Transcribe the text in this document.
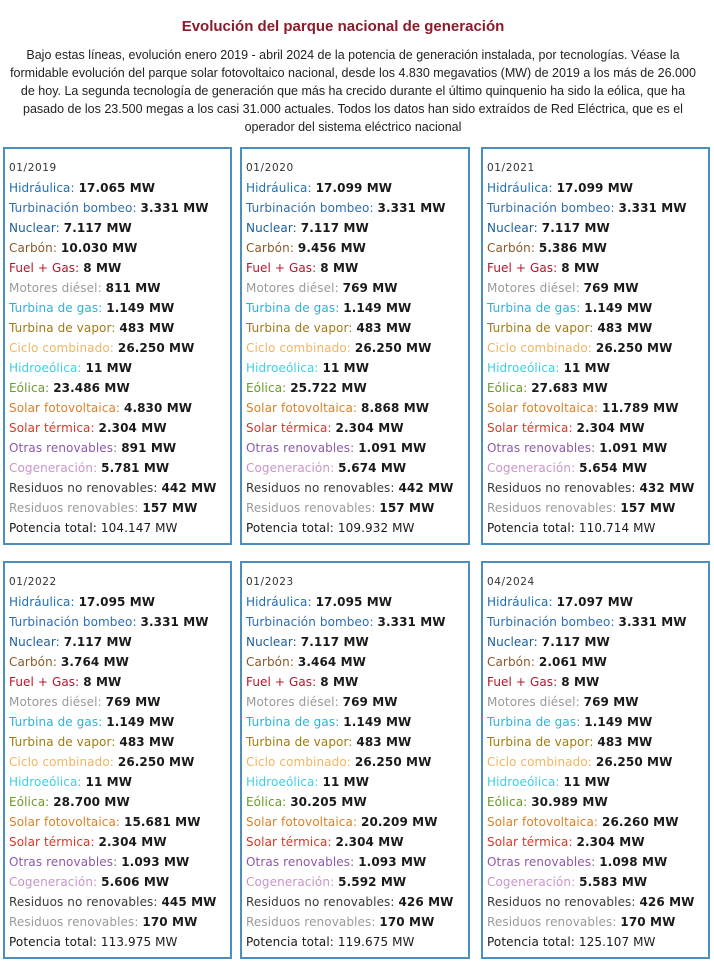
Evolución del parque nacional de generación
Bajo estas líneas, evolución enero 2019 - abril 2024 de la potencia de generación instalada, por tecnologías. Véase la formidable evolución del parque solar fotovoltaico nacional, desde los 4.830 megavatios (MW) de 2019 a los más de 26.000 de hoy. La segunda tecnología de generación que más ha crecido durante el último quinquenio ha sido la eólica, que ha pasado de los 23.500 megas a los casi 31.000 actuales. Todos los datos han sido extraídos de Red Eléctrica, que es el operador del sistema eléctrico nacional
01/2019
Hidráulica: 17.065 MW
Turbinación bombeo: 3.331 MW
Nuclear: 7.117 MW
Carbón: 10.030 MW
Fuel + Gas: 8 MW
Motores diésel: 811 MW
Turbina de gas: 1.149 MW
Turbina de vapor: 483 MW
Ciclo combinado: 26.250 MW
Hidroeólica: 11 MW
Eólica: 23.486 MW
Solar fotovoltaica: 4.830 MW
Solar térmica: 2.304 MW
Otras renovables: 891 MW
Cogeneración: 5.781 MW
Residuos no renovables: 442 MW
Residuos renovables: 157 MW
Potencia total: 104.147 MW
01/2020
Hidráulica: 17.099 MW
Turbinación bombeo: 3.331 MW
Nuclear: 7.117 MW
Carbón: 9.456 MW
Fuel + Gas: 8 MW
Motores diésel: 769 MW
Turbina de gas: 1.149 MW
Turbina de vapor: 483 MW
Ciclo combinado: 26.250 MW
Hidroeólica: 11 MW
Eólica: 25.722 MW
Solar fotovoltaica: 8.868 MW
Solar térmica: 2.304 MW
Otras renovables: 1.091 MW
Cogeneración: 5.674 MW
Residuos no renovables: 442 MW
Residuos renovables: 157 MW
Potencia total: 109.932 MW
01/2021
Hidráulica: 17.099 MW
Turbinación bombeo: 3.331 MW
Nuclear: 7.117 MW
Carbón: 5.386 MW
Fuel + Gas: 8 MW
Motores diésel: 769 MW
Turbina de gas: 1.149 MW
Turbina de vapor: 483 MW
Ciclo combinado: 26.250 MW
Hidroeólica: 11 MW
Eólica: 27.683 MW
Solar fotovoltaica: 11.789 MW
Solar térmica: 2.304 MW
Otras renovables: 1.091 MW
Cogeneración: 5.654 MW
Residuos no renovables: 432 MW
Residuos renovables: 157 MW
Potencia total: 110.714 MW
01/2022
Hidráulica: 17.095 MW
Turbinación bombeo: 3.331 MW
Nuclear: 7.117 MW
Carbón: 3.764 MW
Fuel + Gas: 8 MW
Motores diésel: 769 MW
Turbina de gas: 1.149 MW
Turbina de vapor: 483 MW
Ciclo combinado: 26.250 MW
Hidroeólica: 11 MW
Eólica: 28.700 MW
Solar fotovoltaica: 15.681 MW
Solar térmica: 2.304 MW
Otras renovables: 1.093 MW
Cogeneración: 5.606 MW
Residuos no renovables: 445 MW
Residuos renovables: 170 MW
Potencia total: 113.975 MW
01/2023
Hidráulica: 17.095 MW
Turbinación bombeo: 3.331 MW
Nuclear: 7.117 MW
Carbón: 3.464 MW
Fuel + Gas: 8 MW
Motores diésel: 769 MW
Turbina de gas: 1.149 MW
Turbina de vapor: 483 MW
Ciclo combinado: 26.250 MW
Hidroeólica: 11 MW
Eólica: 30.205 MW
Solar fotovoltaica: 20.209 MW
Solar térmica: 2.304 MW
Otras renovables: 1.093 MW
Cogeneración: 5.592 MW
Residuos no renovables: 426 MW
Residuos renovables: 170 MW
Potencia total: 119.675 MW
04/2024
Hidráulica: 17.097 MW
Turbinación bombeo: 3.331 MW
Nuclear: 7.117 MW
Carbón: 2.061 MW
Fuel + Gas: 8 MW
Motores diésel: 769 MW
Turbina de gas: 1.149 MW
Turbina de vapor: 483 MW
Ciclo combinado: 26.250 MW
Hidroeólica: 11 MW
Eólica: 30.989 MW
Solar fotovoltaica: 26.260 MW
Solar térmica: 2.304 MW
Otras renovables: 1.098 MW
Cogeneración: 5.583 MW
Residuos no renovables: 426 MW
Residuos renovables: 170 MW
Potencia total: 125.107 MW
